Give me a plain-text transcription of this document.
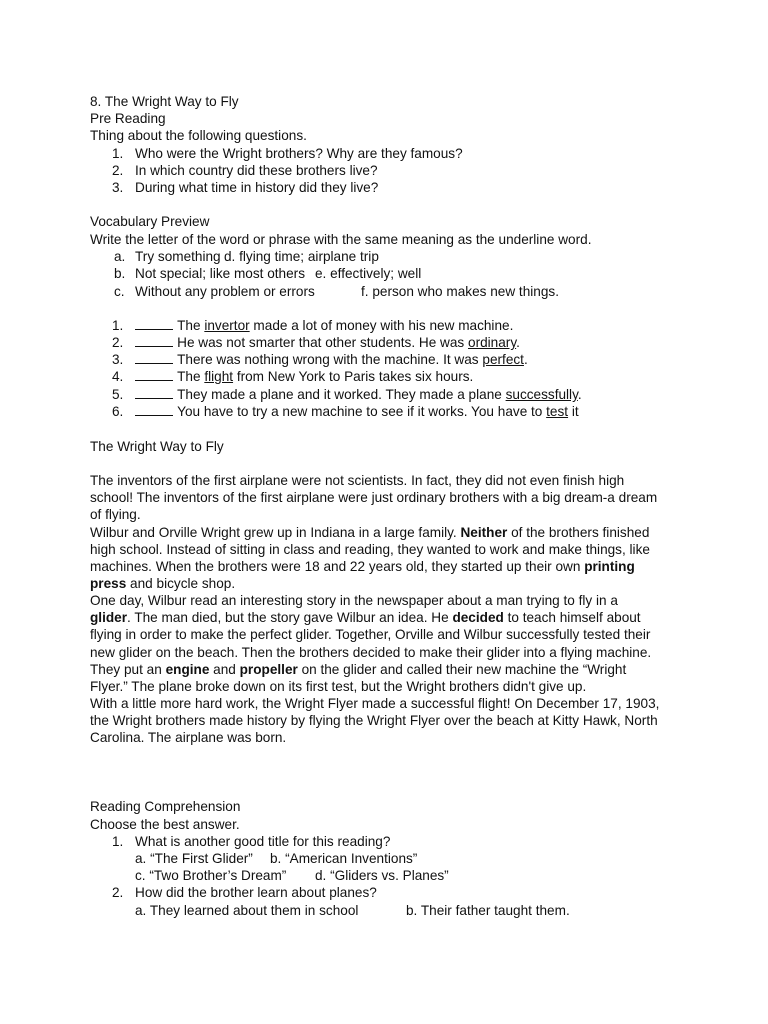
8. The Wright Way to Fly
Pre Reading
Thing about the following questions.
1. Who were the Wright brothers? Why are they famous?
2. In which country did these brothers live?
3. During what time in history did they live?
Vocabulary Preview
Write the letter of the word or phrase with the same meaning as the underline word.
a. Try something d. flying time; airplane trip
b. Not special; like most others e. effectively; well
c. Without any problem or errors	f. person who makes new things.
1.	The invertor made a lot of money with his new machine.
2.	He was not smarter that other students. He was ordinary.
3.	There was nothing wrong with the machine. It was perfect.
4.	The flight from New York to Paris takes six hours.
5.	They made a plane and it worked. They made a plane successfully.
6.	You have to try a new machine to see if it works. You have to test it
The Wright Way to Fly
The inventors of the first airplane were not scientists. In fact, they did not even finish high
school! The inventors of the first airplane were just ordinary brothers with a big dream-a dream
of flying.
Wilbur and Orville Wright grew up in Indiana in a large family. Neither of the brothers finished
high school. Instead of sitting in class and reading, they wanted to work and make things, like
machines. When the brothers were 18 and 22 years old, they started up their own printing
press and bicycle shop.
One day, Wilbur read an interesting story in the newspaper about a man trying to fly in a
glider. The man died, but the story gave Wilbur an idea. He decided to teach himself about
flying in order to make the perfect glider. Together, Orville and Wilbur successfully tested their
new glider on the beach. Then the brothers decided to make their glider into a flying machine.
They put an engine and propeller on the glider and called their new machine the “Wright
Flyer.” The plane broke down on its first test, but the Wright brothers didn't give up.
With a little more hard work, the Wright Flyer made a successful flight! On December 17, 1903,
the Wright brothers made history by flying the Wright Flyer over the beach at Kitty Hawk, North
Carolina. The airplane was born.
Reading Comprehension
Choose the best answer.
1. What is another good title for this reading?
a. “The First Glider” b. “American Inventions”
c. “Two Brother’s Dream” d. “Gliders vs. Planes”
2. How did the brother learn about planes?
a. They learned about them in school	b. Their father taught them.
